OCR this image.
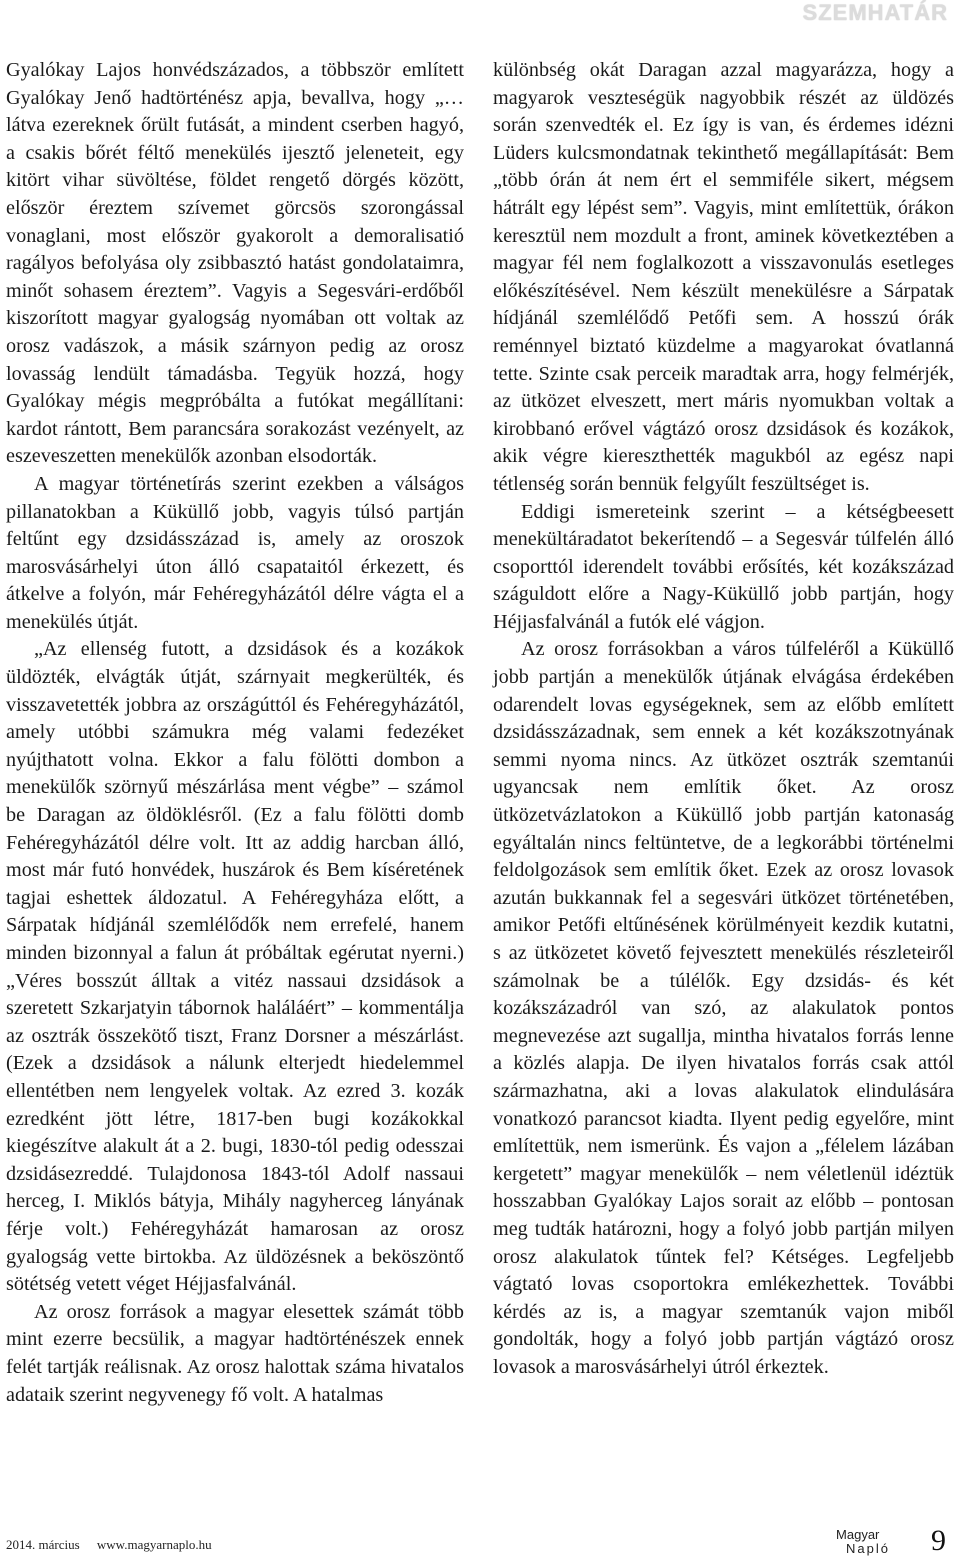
SZEMHATÁR

Gyalókay Lajos honvédszázados, a többször említett Gyalókay Jenő hadtörténész apja, bevallva, hogy „…látva ezereknek őrült futását, a mindent cserben hagyó, a csakis bőrét féltő menekülés ijesztő jeleneteit, egy kitört vihar süvöltése, földet rengető dörgés között, először éreztem szívemet görcsös szorongással vonaglani, most először gyakorolt a demoralisatió ragályos befolyása oly zsibbasztó hatást gondolataimra, minőt sohasem éreztem”. Vagyis a Segesvári-erdőből kiszorított magyar gyalogság nyomában ott voltak az orosz vadászok, a másik szárnyon pedig az orosz lovasság lendült támadásba. Tegyük hozzá, hogy Gyalókay mégis megpróbálta a futókat megállítani: kardot rántott, Bem parancsára sorakozást vezényelt, az eszeveszetten menekülők azonban elsodorták.

A magyar történetírás szerint ezekben a válságos pillanatokban a Küküllő jobb, vagyis túlsó partján feltűnt egy dzsidásszázad is, amely az oroszok marosvásárhelyi úton álló csapataitól érkezett, és átkelve a folyón, már Fehéregyházától délre vágta el a menekülés útját.

„Az ellenség futott, a dzsidások és a kozákok üldözték, elvágták útját, szárnyait megkerülték, és visszavetették jobbra az országúttól és Fehéregyházától, amely utóbbi számukra még valami fedezéket nyújthatott volna. Ekkor a falu fölötti dombon a menekülők szörnyű mészárlása ment végbe” – számol be Daragan az öldöklésről. (Ez a falu fölötti domb Fehéregyházától délre volt. Itt az addig harcban álló, most már futó honvédek, huszárok és Bem kíséretének tagjai eshettek áldozatul. A Fehéregyháza előtt, a Sárpatak hídjánál szemlélődők nem errefelé, hanem minden bizonnyal a falun át próbáltak egérutat nyerni.) „Véres bosszút álltak a vitéz nassaui dzsidások a szeretett Szkarjatyin tábornok haláláért” – kommentálja az osztrák összekötő tiszt, Franz Dorsner a mészárlást. (Ezek a dzsidások a nálunk elterjedt hiedelemmel ellentétben nem lengyelek voltak. Az ezred 3. kozák ezredként jött létre, 1817-ben bugi kozákokkal kiegészítve alakult át a 2. bugi, 1830-tól pedig odesszai dzsidásezreddé. Tulajdonosa 1843-tól Adolf nassaui herceg, I. Miklós bátyja, Mihály nagyherceg lányának férje volt.) Fehéregyházát hamarosan az orosz gyalogság vette birtokba. Az üldözésnek a beköszöntő sötétség vetett véget Héjjasfalvánál.

Az orosz források a magyar elesettek számát több mint ezerre becsülik, a magyar hadtörténészek ennek felét tartják reálisnak. Az orosz halottak száma hivatalos adataik szerint negyvenegy fő volt. A hatalmas

különbség okát Daragan azzal magyarázza, hogy a magyarok veszteségük nagyobbik részét az üldözés során szenvedték el. Ez így is van, és érdemes idézni Lüders kulcsmondatnak tekinthető megállapítását: Bem „több órán át nem ért el semmiféle sikert, mégsem hátrált egy lépést sem”. Vagyis, mint említettük, órákon keresztül nem mozdult a front, aminek következtében a magyar fél nem foglalkozott a visszavonulás esetleges előkészítésével. Nem készült menekülésre a Sárpatak hídjánál szemlélődő Petőfi sem. A hosszú órák reménnyel biztató küzdelme a magyarokat óvatlanná tette. Szinte csak perceik maradtak arra, hogy felmérjék, az ütközet elveszett, mert máris nyomukban voltak a kirobbanó erővel vágtázó orosz dzsidások és kozákok, akik végre kiereszthették magukból az egész napi tétlenség során bennük felgyűlt feszültséget is.

Eddigi ismereteink szerint – a kétségbeesett menekültáradatot bekerítendő – a Segesvár túlfelén álló csoporttól iderendelt további erősítés, két kozákszázad száguldott előre a Nagy-Küküllő jobb partján, hogy Héjjasfalvánál a futók elé vágjon.

Az orosz forrásokban a város túlfeléről a Küküllő jobb partján a menekülők útjának elvágása érdekében odarendelt lovas egységeknek, sem az előbb említett dzsidásszázadnak, sem ennek a két kozákszotnyának semmi nyoma nincs. Az ütközet osztrák szemtanúi ugyancsak nem említik őket. Az orosz ütközetvázlatokon a Küküllő jobb partján katonaság egyáltalán nincs feltüntetve, de a legkorábbi történelmi feldolgozások sem említik őket. Ezek az orosz lovasok azután bukkannak fel a segesvári ütközet történetében, amikor Petőfi eltűnésének körülményeit kezdik kutatni, s az ütközetet követő fejvesztett menekülés részleteiről számolnak be a túlélők. Egy dzsidás- és két kozákszázadról van szó, az alakulatok pontos megnevezése azt sugallja, mintha hivatalos forrás lenne a közlés alapja. De ilyen hivatalos forrás csak attól származhatna, aki a lovas alakulatok elindulására vonatkozó parancsot kiadta. Ilyent pedig egyelőre, mint említettük, nem ismerünk. És vajon a „félelem lázában kergetett” magyar menekülők – nem véletlenül idéztük hosszabban Gyalókay Lajos sorait az előbb – pontosan meg tudták határozni, hogy a folyó jobb partján milyen orosz alakulatok tűntek fel? Kétséges. Legfeljebb vágtató lovas csoportokra emlékezhettek. További kérdés az is, a magyar szemtanúk vajon miből gondolták, hogy a folyó jobb partján vágtázó orosz lovasok a marosvásárhelyi útról érkeztek.

2014. március www.magyarnaplo.hu
Magyar
Napló 9
